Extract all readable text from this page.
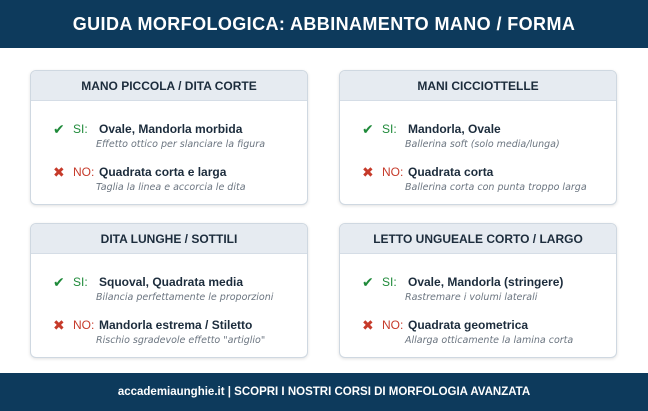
GUIDA MORFOLOGICA: ABBINAMENTO MANO / FORMA
MANO PICCOLA / DITA CORTE
✔ SI: Ovale, Mandorla morbida
Effetto ottico per slanciare la figura
✖ NO: Quadrata corta e larga
Taglia la linea e accorcia le dita
MANI CICCIOTTELLE
✔ SI: Mandorla, Ovale
Ballerina soft (solo media/lunga)
✖ NO: Quadrata corta
Ballerina corta con punta troppo larga
DITA LUNGHE / SOTTILI
✔ SI: Squoval, Quadrata media
Bilancia perfettamente le proporzioni
✖ NO: Mandorla estrema / Stiletto
Rischio sgradevole effetto "artiglio"
LETTO UNGUEALE CORTO / LARGO
✔ SI: Ovale, Mandorla (stringere)
Rastremare i volumi laterali
✖ NO: Quadrata geometrica
Allarga otticamente la lamina corta
accademiaunghie.it | SCOPRI I NOSTRI CORSI DI MORFOLOGIA AVANZATA
